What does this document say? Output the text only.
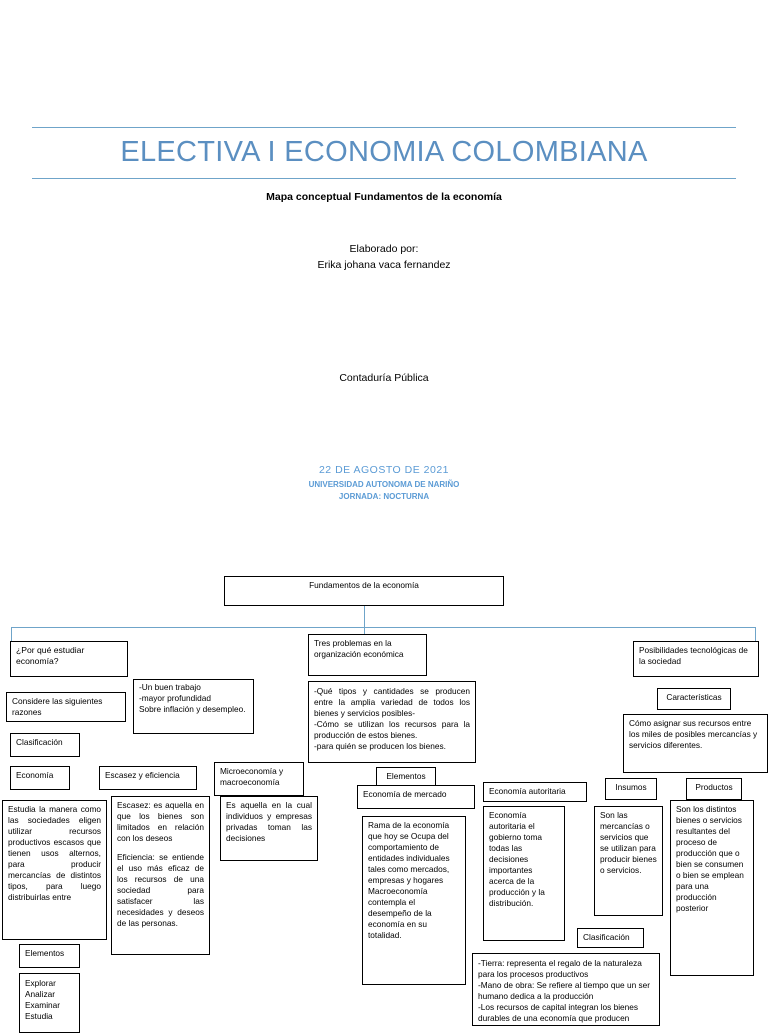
ELECTIVA I ECONOMIA COLOMBIANA
Mapa conceptual Fundamentos de la economía
Elaborado por:
Erika johana vaca fernandez
Contaduría Pública
22 DE AGOSTO DE 2021
UNIVERSIDAD AUTONOMA DE NARIÑO
JORNADA: NOCTURNA
Fundamentos de la economía
¿Por qué estudiar economía?
Considere las siguientes razones
-Un buen trabajo
-mayor profundidad
Sobre inflación y desempleo.
Clasificación
Economía	Escasez y eficiencia	Microeconomía y macroeconomía
Estudia la manera como las sociedades eligen utilizar recursos productivos escasos que tienen usos alternos, para producir mercancías de distintos tipos, para luego distribuirlas entre
Escasez: es aquella en que los bienes son limitados en relación con los deseos
Eficiencia: se entiende el uso más eficaz de los recursos de una sociedad para satisfacer las necesidades y deseos de las personas.
Es aquella en la cual individuos y empresas privadas toman las decisiones
Elementos
Explorar
Analizar
Examinar
Estudia
Tres problemas en la organización económica
-Qué tipos y cantidades se producen entre la amplia variedad de todos los bienes y servicios posibles-
-Cómo se utilizan los recursos para la producción de estos bienes.
-para quién se producen los bienes.
Elementos
Economía de mercado
Rama de la economía que hoy se Ocupa del comportamiento de entidades individuales tales como mercados, empresas y hogares Macroeconomía contempla el desempeño de la economía en su totalidad.
Economía autoritaria
Economía autoritaria el gobierno toma todas las decisiones importantes acerca de la producción y la distribución.
Clasificación
-Tierra: representa el regalo de la naturaleza para los procesos productivos
-Mano de obra: Se refiere al tiempo que un ser humano dedica a la producción
-Los recursos de capital integran los bienes durables de una economía que producen
Posibilidades tecnológicas de la sociedad
Características
Cómo asignar sus recursos entre los miles de posibles mercancías y servicios diferentes.
Insumos	Productos
Son las mercancías o servicios que se utilizan para producir bienes o servicios.
Son los distintos bienes o servicios resultantes del proceso de producción que o bien se consumen o bien se emplean para una producción posterior
